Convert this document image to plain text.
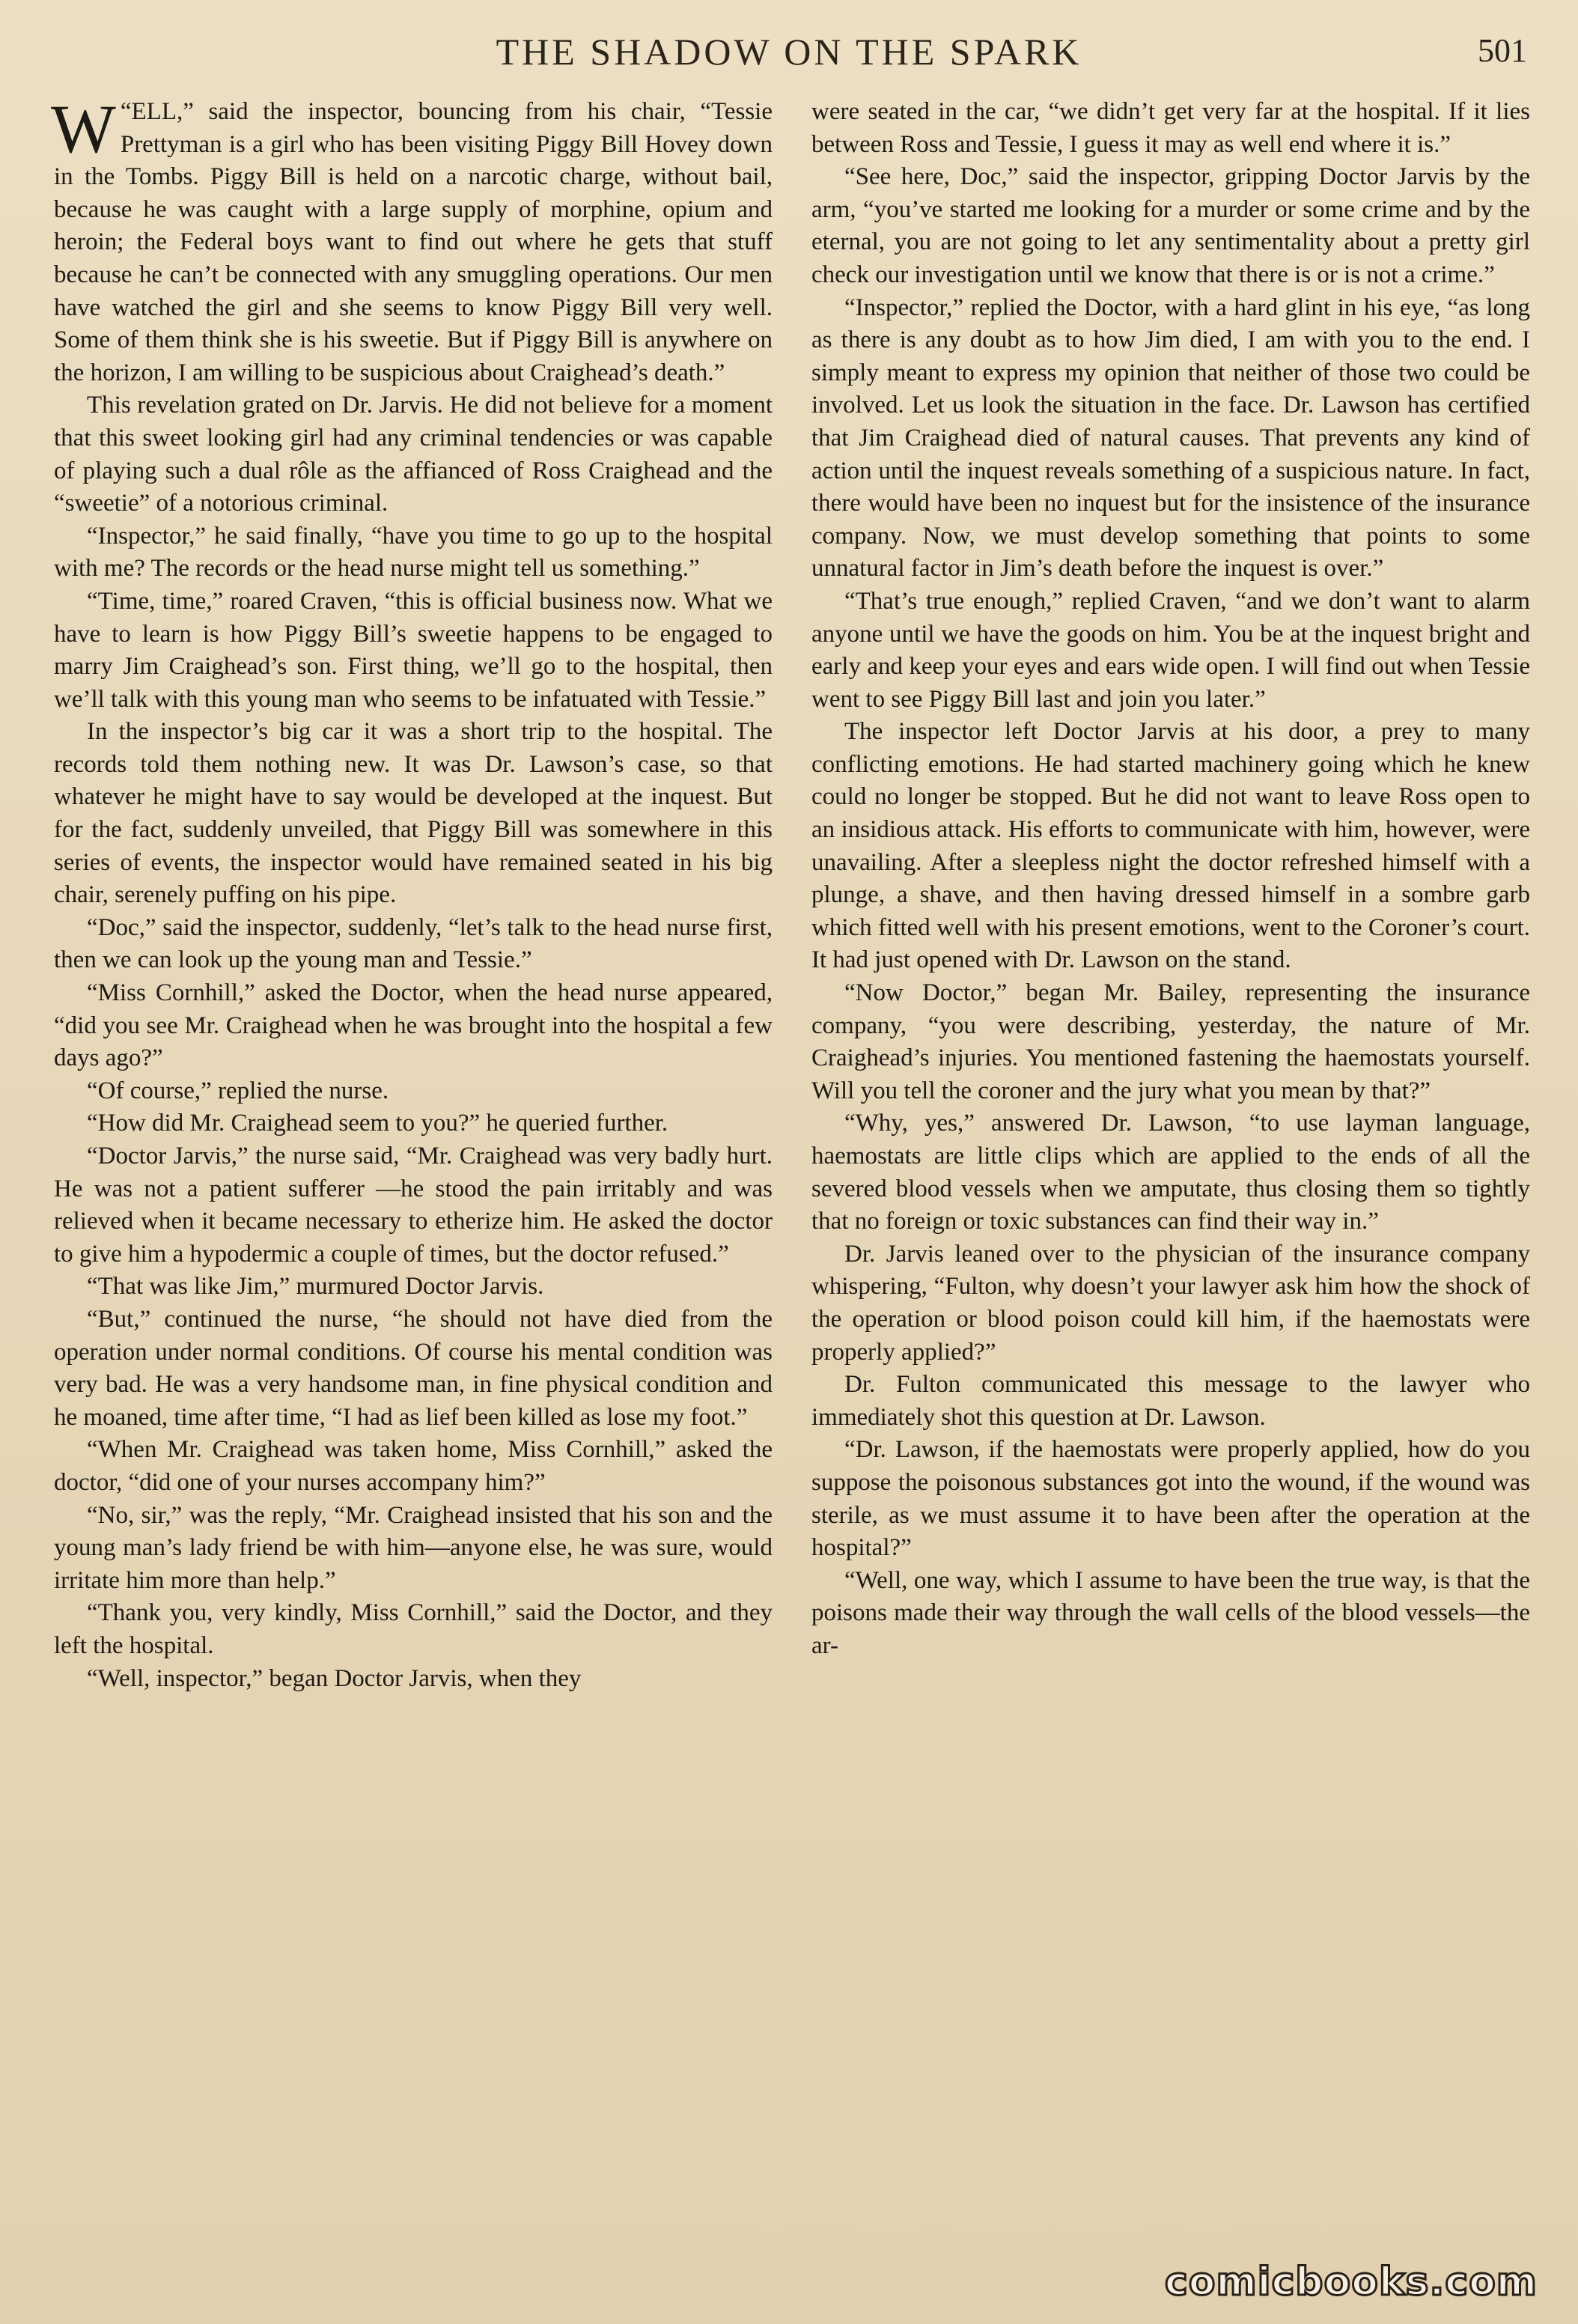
THE SHADOW ON THE SPARK	501

“
W ELL,” said the inspector, bouncing from his chair, “Tessie Prettyman is a girl who has been visiting Piggy Bill Hovey down in the Tombs. Piggy Bill is held on a narcotic charge, without bail, because he was caught with a large supply of morphine, opium and heroin; the Federal boys want to find out where he gets that stuff because he can’t be connected with any smuggling operations. Our men have watched the girl and she seems to know Piggy Bill very well. Some of them think she is his sweetie. But if Piggy Bill is anywhere on the horizon, I am willing to be suspicious about Craighead’s death.”

This revelation grated on Dr. Jarvis. He did not believe for a moment that this sweet looking girl had any criminal tendencies or was capable of playing such a dual rôle as the affianced of Ross Craighead and the “sweetie” of a notorious criminal.

“Inspector,” he said finally, “have you time to go up to the hospital with me? The records or the head nurse might tell us something.”

“Time, time,” roared Craven, “this is official business now. What we have to learn is how Piggy Bill’s sweetie happens to be engaged to marry Jim Craighead’s son. First thing, we’ll go to the hospital, then we’ll talk with this young man who seems to be infatuated with Tessie.”

In the inspector’s big car it was a short trip to the hospital. The records told them nothing new. It was Dr. Lawson’s case, so that whatever he might have to say would be developed at the inquest. But for the fact, suddenly unveiled, that Piggy Bill was somewhere in this series of events, the inspector would have remained seated in his big chair, serenely puffing on his pipe.

“Doc,” said the inspector, suddenly, “let’s talk to the head nurse first, then we can look up the young man and Tessie.”

“Miss Cornhill,” asked the Doctor, when the head nurse appeared, “did you see Mr. Craighead when he was brought into the hospital a few days ago?”

“Of course,” replied the nurse.

“How did Mr. Craighead seem to you?” he queried further.

“Doctor Jarvis,” the nurse said, “Mr. Craighead was very badly hurt. He was not a patient sufferer —he stood the pain irritably and was relieved when it became necessary to etherize him. He asked the doctor to give him a hypodermic a couple of times, but the doctor refused.”

“That was like Jim,” murmured Doctor Jarvis.

“But,” continued the nurse, “he should not have died from the operation under normal conditions. Of course his mental condition was very bad. He was a very handsome man, in fine physical condition and he moaned, time after time, “I had as lief been killed as lose my foot.”

“When Mr. Craighead was taken home, Miss Cornhill,” asked the doctor, “did one of your nurses accompany him?”

“No, sir,” was the reply, “Mr. Craighead insisted that his son and the young man’s lady friend be with him—anyone else, he was sure, would irritate him more than help.”

“Thank you, very kindly, Miss Cornhill,” said the Doctor, and they left the hospital.

“Well, inspector,” began Doctor Jarvis, when they

were seated in the car, “we didn’t get very far at the hospital. If it lies between Ross and Tessie, I guess it may as well end where it is.”

“See here, Doc,” said the inspector, gripping Doctor Jarvis by the arm, “you’ve started me looking for a murder or some crime and by the eternal, you are not going to let any sentimentality about a pretty girl check our investigation until we know that there is or is not a crime.”

“Inspector,” replied the Doctor, with a hard glint in his eye, “as long as there is any doubt as to how Jim died, I am with you to the end. I simply meant to express my opinion that neither of those two could be involved. Let us look the situation in the face. Dr. Lawson has certified that Jim Craighead died of natural causes. That prevents any kind of action until the inquest reveals something of a suspicious nature. In fact, there would have been no inquest but for the insistence of the insurance company. Now, we must develop something that points to some unnatural factor in Jim’s death before the inquest is over.”

“That’s true enough,” replied Craven, “and we don’t want to alarm anyone until we have the goods on him. You be at the inquest bright and early and keep your eyes and ears wide open. I will find out when Tessie went to see Piggy Bill last and join you later.”

The inspector left Doctor Jarvis at his door, a prey to many conflicting emotions. He had started machinery going which he knew could no longer be stopped. But he did not want to leave Ross open to an insidious attack. His efforts to communicate with him, however, were unavailing. After a sleepless night the doctor refreshed himself with a plunge, a shave, and then having dressed himself in a sombre garb which fitted well with his present emotions, went to the Coroner’s court. It had just opened with Dr. Lawson on the stand.

“Now Doctor,” began Mr. Bailey, representing the insurance company, “you were describing, yesterday, the nature of Mr. Craighead’s injuries. You mentioned fastening the haemostats yourself. Will you tell the coroner and the jury what you mean by that?”

“Why, yes,” answered Dr. Lawson, “to use layman language, haemostats are little clips which are applied to the ends of all the severed blood vessels when we amputate, thus closing them so tightly that no foreign or toxic substances can find their way in.”

Dr. Jarvis leaned over to the physician of the insurance company whispering, “Fulton, why doesn’t your lawyer ask him how the shock of the operation or blood poison could kill him, if the haemostats were properly applied?”

Dr. Fulton communicated this message to the lawyer who immediately shot this question at Dr. Lawson.

“Dr. Lawson, if the haemostats were properly applied, how do you suppose the poisonous substances got into the wound, if the wound was sterile, as we must assume it to have been after the operation at the hospital?”

“Well, one way, which I assume to have been the true way, is that the poisons made their way through the wall cells of the blood vessels—the ar-

comicbooks.com
